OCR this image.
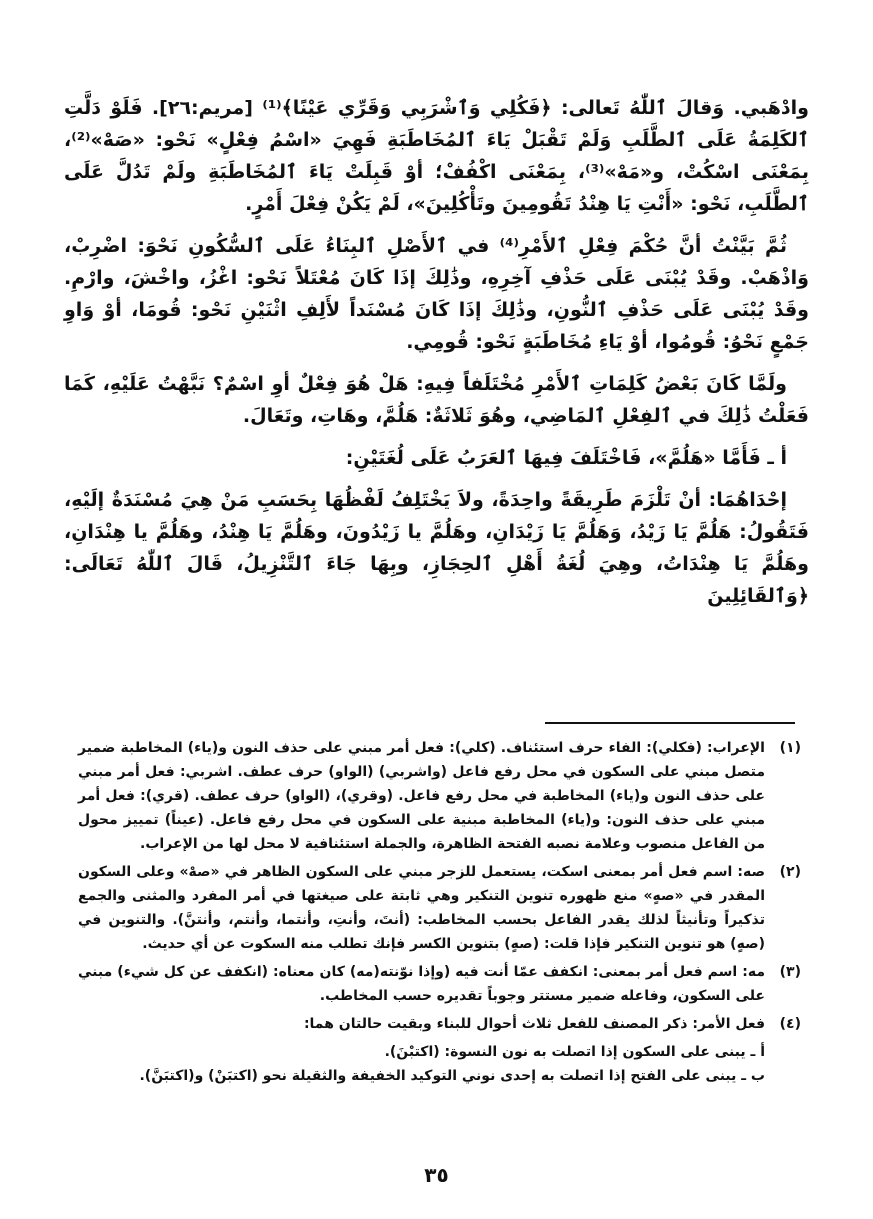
وادْهَبي. وَقالَ ٱللّٰهُ تَعالى: ﴿فَكُلِي وَٱشْرَبِي وَقَرِّي عَيْنًا﴾⁽¹⁾ [مريم:٢٦]. فَلَوْ دَلَّتِ ٱلكَلِمَةُ عَلَى ٱلطَّلَبِ وَلَمْ تَقْبَلْ يَاءَ ٱلمُخَاطَبَةِ فَهِيَ «اسْمُ فِعْلٍ» نَحْو: «صَهْ»⁽²⁾، بِمَعْنَى اسْكُتْ، و«مَهْ»⁽³⁾، بِمَعْنَى اكْفُفْ؛ أوْ قَبِلَتْ يَاءَ ٱلمُخَاطَبَةِ ولَمْ تَدُلَّ عَلَى ٱلطَّلَبِ، نَحْو: «أَنْتِ يَا هِنْدُ تَقُومِينَ وتَأْكُلِينَ»، لَمْ يَكُنْ فِعْلَ أَمْرٍ.

ثُمَّ بَيَّنْتُ أنَّ حُكْمَ فِعْلِ ٱلأَمْرِ⁽⁴⁾ في ٱلأَصْلِ ٱلبِنَاءُ عَلَى ٱلسُّكُونِ نَحْوَ: اضْرِبْ، وَاذْهَبْ. وقَدْ يُبْنَى عَلَى حَذْفِ آخِرِهِ، وذَٰلِكَ إذَا كَانَ مُعْتَلاً نَحْو: اغْزُ، واخْشَ، وارْمِ. وقَدْ يُبْنَى عَلَى حَذْفِ ٱلنُّونِ، وذَٰلِكَ إذَا كَانَ مُسْنَداً لأَلِفِ اثْنَيْنِ نَحْو: قُومَا، أوْ وَاوِ جَمْعٍ نَحْوُ: قُومُوا، أوْ يَاءِ مُخَاطَبَةٍ نَحْو: قُومِي.

ولَمَّا كَانَ بَعْضُ كَلِمَاتِ ٱلأَمْرِ مُخْتَلَفاً فِيهِ: هَلْ هُوَ فِعْلٌ أوِ اسْمٌ؟ نَبَّهْتُ عَلَيْهِ، كَمَا فَعَلْتُ ذَٰلِكَ في ٱلفِعْلِ ٱلمَاضِي، وهُوَ ثَلاثَةٌ: هَلُمَّ، وهَاتِ، وتَعَالَ.

أ ـ فَأَمَّا «هَلُمَّ»، فَاخْتَلَفَ فِيهَا ٱلعَرَبُ عَلَى لُغَتَيْنِ:

إحْدَاهُمَا: أنْ تَلْزَمَ طَرِيقَةً واحِدَةً، ولاَ يَخْتَلِفُ لَفْظُهَا بِحَسَبِ مَنْ هِيَ مُسْنَدَةٌ إلَيْهِ، فَتَقُولُ: هَلُمَّ يَا زَيْدُ، وَهَلُمَّ يَا زَيْدَانِ، وهَلُمَّ يا زَيْدُونَ، وهَلُمَّ يَا هِنْدُ، وهَلُمَّ يا هِنْدَانِ، وهَلُمَّ يَا هِنْدَاتُ، وهِيَ لُغَةُ أَهْلِ ٱلحِجَازِ، وبِهَا جَاءَ ٱلتَّنْزِيلُ، قَالَ ٱللّٰهُ تَعَالَى: ﴿وَٱلقَائِلِينَ

(١)
الإعراب: (فكلي): الفاء حرف استئناف. (كلي): فعل أمر مبني على حذف النون و(ياء) المخاطبة ضمير متصل مبني على السكون في محل رفع فاعل (واشربي) (الواو) حرف عطف. اشربي: فعل أمر مبني على حذف النون و(ياء) المخاطبة في محل رفع فاعل. (وقري)، (الواو) حرف عطف. (قري): فعل أمر مبني على حذف النون: و(ياء) المخاطبة مبنية على السكون في محل رفع فاعل. (عيناً) تمييز محول من الفاعل منصوب وعلامة نصبه الفتحة الظاهرة، والجملة استئنافية لا محل لها من الإعراب.
(٢)
صه: اسم فعل أمر بمعنى اسكت، يستعمل للزجر مبني على السكون الظاهر في «صهْ» وعلى السكون المقدر في «صهٍ» منع ظهوره تنوين التنكير وهي ثابتة على صيغتها في أمر المفرد والمثنى والجمع تذكيراً وتأنيثاً لذلك يقدر الفاعل بحسب المخاطب: (أنتَ، وأنتِ، وأنتما، وأنتم، وأنتنَّ). والتنوين في (صهٍ) هو تنوين التنكير فإذا قلت: (صهٍ) بتنوين الكسر فإنك تطلب منه السكوت عن أي حديث.
(٣)
مه: اسم فعل أمر بمعنى: انكفف عمّا أنت فيه (وإذا نوّنته(مه) كان معناه: (انكفف عن كل شيء) مبني على السكون، وفاعله ضمير مستتر وجوباً تقديره حسب المخاطب.
(٤)
فعل الأمر: ذكر المصنف للفعل ثلاث أحوال للبناء وبقيت حالتان هما:

أ ـ يبنى على السكون إذا اتصلت به نون النسوة: (اكتبْنَ).

ب ـ يبنى على الفتح إذا اتصلت به إحدى نوني التوكيد الخفيفة والثقيلة نحو (اكتبَنْ) و(اكتبَنَّ).

٣٥
